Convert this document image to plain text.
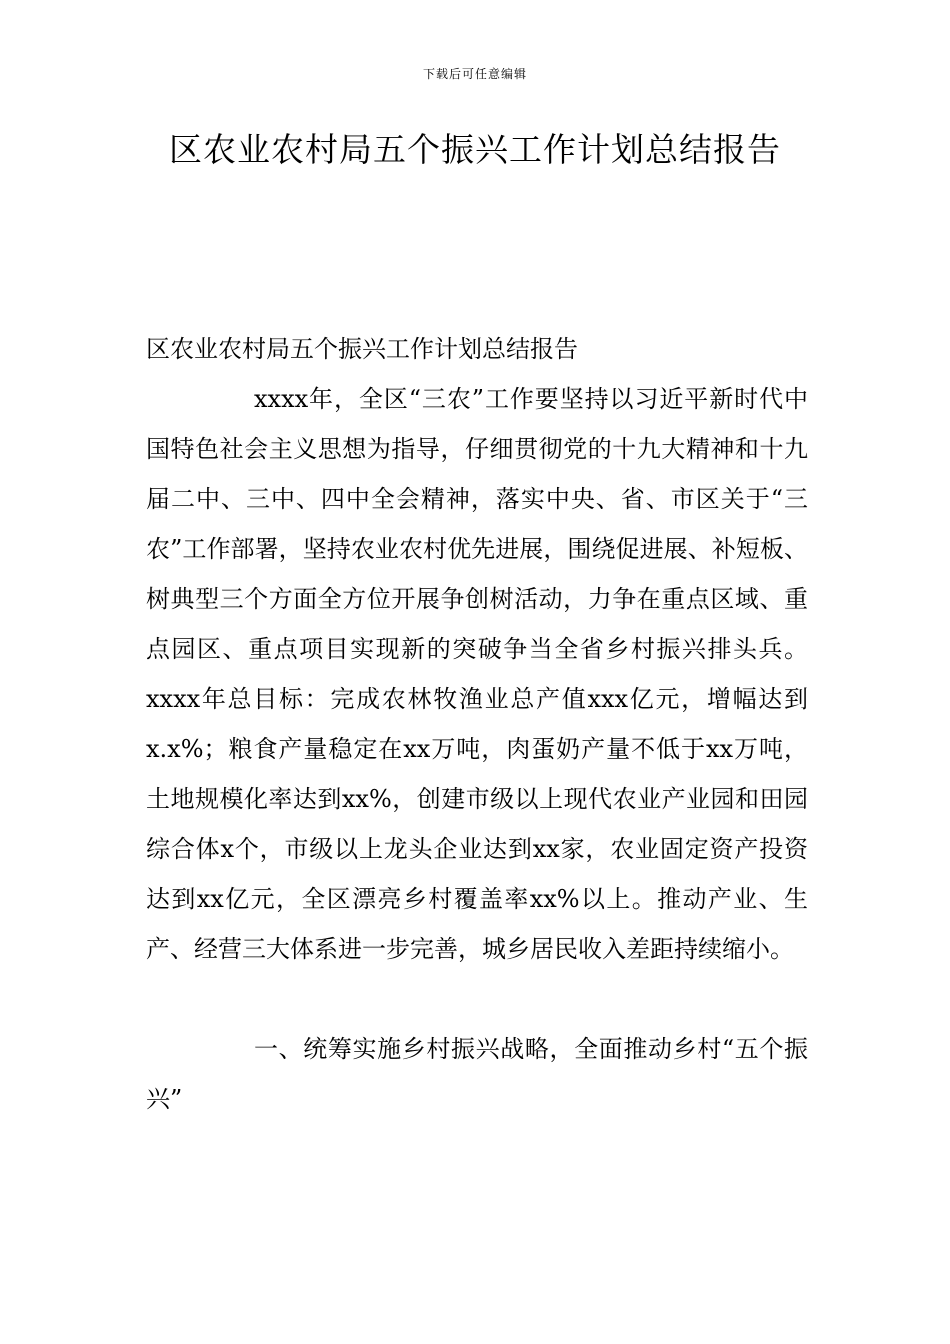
下载后可任意编辑
区农业农村局五个振兴工作计划总结报告

区农业农村局五个振兴工作计划总结报告

xxxx年，全区“三农”工作要坚持以习近平新时代中国特色社会主义思想为指导，仔细贯彻党的十九大精神和十九届二中、三中、四中全会精神，落实中央、省、市区关于“三农”工作部署，坚持农业农村优先进展，围绕促进展、补短板、树典型三个方面全方位开展争创树活动，力争在重点区域、重点园区、重点项目实现新的突破争当全省乡村振兴排头兵。xxxx年总目标：完成农林牧渔业总产值xxx亿元，增幅达到x.x%；粮食产量稳定在xx万吨，肉蛋奶产量不低于xx万吨，土地规模化率达到xx%，创建市级以上现代农业产业园和田园综合体x个，市级以上龙头企业达到xx家，农业固定资产投资达到xx亿元，全区漂亮乡村覆盖率xx%以上。推动产业、生产、经营三大体系进一步完善，城乡居民收入差距持续缩小。

一、统筹实施乡村振兴战略，全面推动乡村“五个振兴”
